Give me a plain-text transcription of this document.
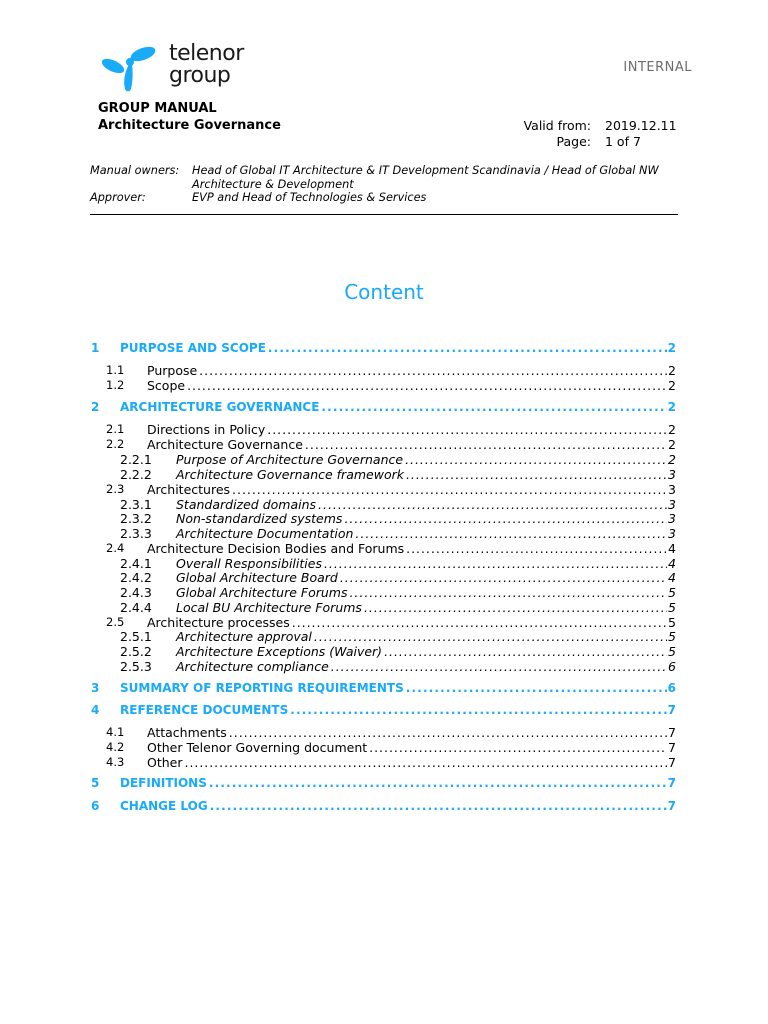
telenor
group	INTERNAL
GROUP MANUAL
Architecture Governance	Valid from: 2019.12.11
Page: 1 of 7
Manual owners: Head of Global IT Architecture & IT Development Scandinavia / Head of Global NW Architecture & Development
Approver:	EVP and Head of Technologies & Services
Content
1 PURPOSE AND SCOPE . . .	2
1.1 Purpose . . .	2
1.2 Scope . . .	2
2 ARCHITECTURE GOVERNANCE . . .	2
2.1 Directions in Policy . . .	2
2.2 Architecture Governance . . .	2
2.2.1 Purpose of Architecture Governance . . .	2
2.2.2 Architecture Governance framework . . .	3
2.3 Architectures . . .	3
2.3.1 Standardized domains . . .	3
2.3.2 Non-standardized systems . . .	3
2.3.3 Architecture Documentation . . .	3
2.4 Architecture Decision Bodies and Forums . . .	4
2.4.1 Overall Responsibilities . . .	4
2.4.2 Global Architecture Board . . .	4
2.4.3 Global Architecture Forums . . .	5
2.4.4 Local BU Architecture Forums . . .	5
2.5 Architecture processes . . .	5
2.5.1 Architecture approval . . .	5
2.5.2 Architecture Exceptions (Waiver) . . .	5
2.5.3 Architecture compliance . . .	6
3 SUMMARY OF REPORTING REQUIREMENTS . . .	6
4 REFERENCE DOCUMENTS . . .	7
4.1 Attachments . . .	7
4.2 Other Telenor Governing document . . .	7
4.3 Other . . .	7
5 DEFINITIONS . . .	7
6 CHANGE LOG . . .	7
